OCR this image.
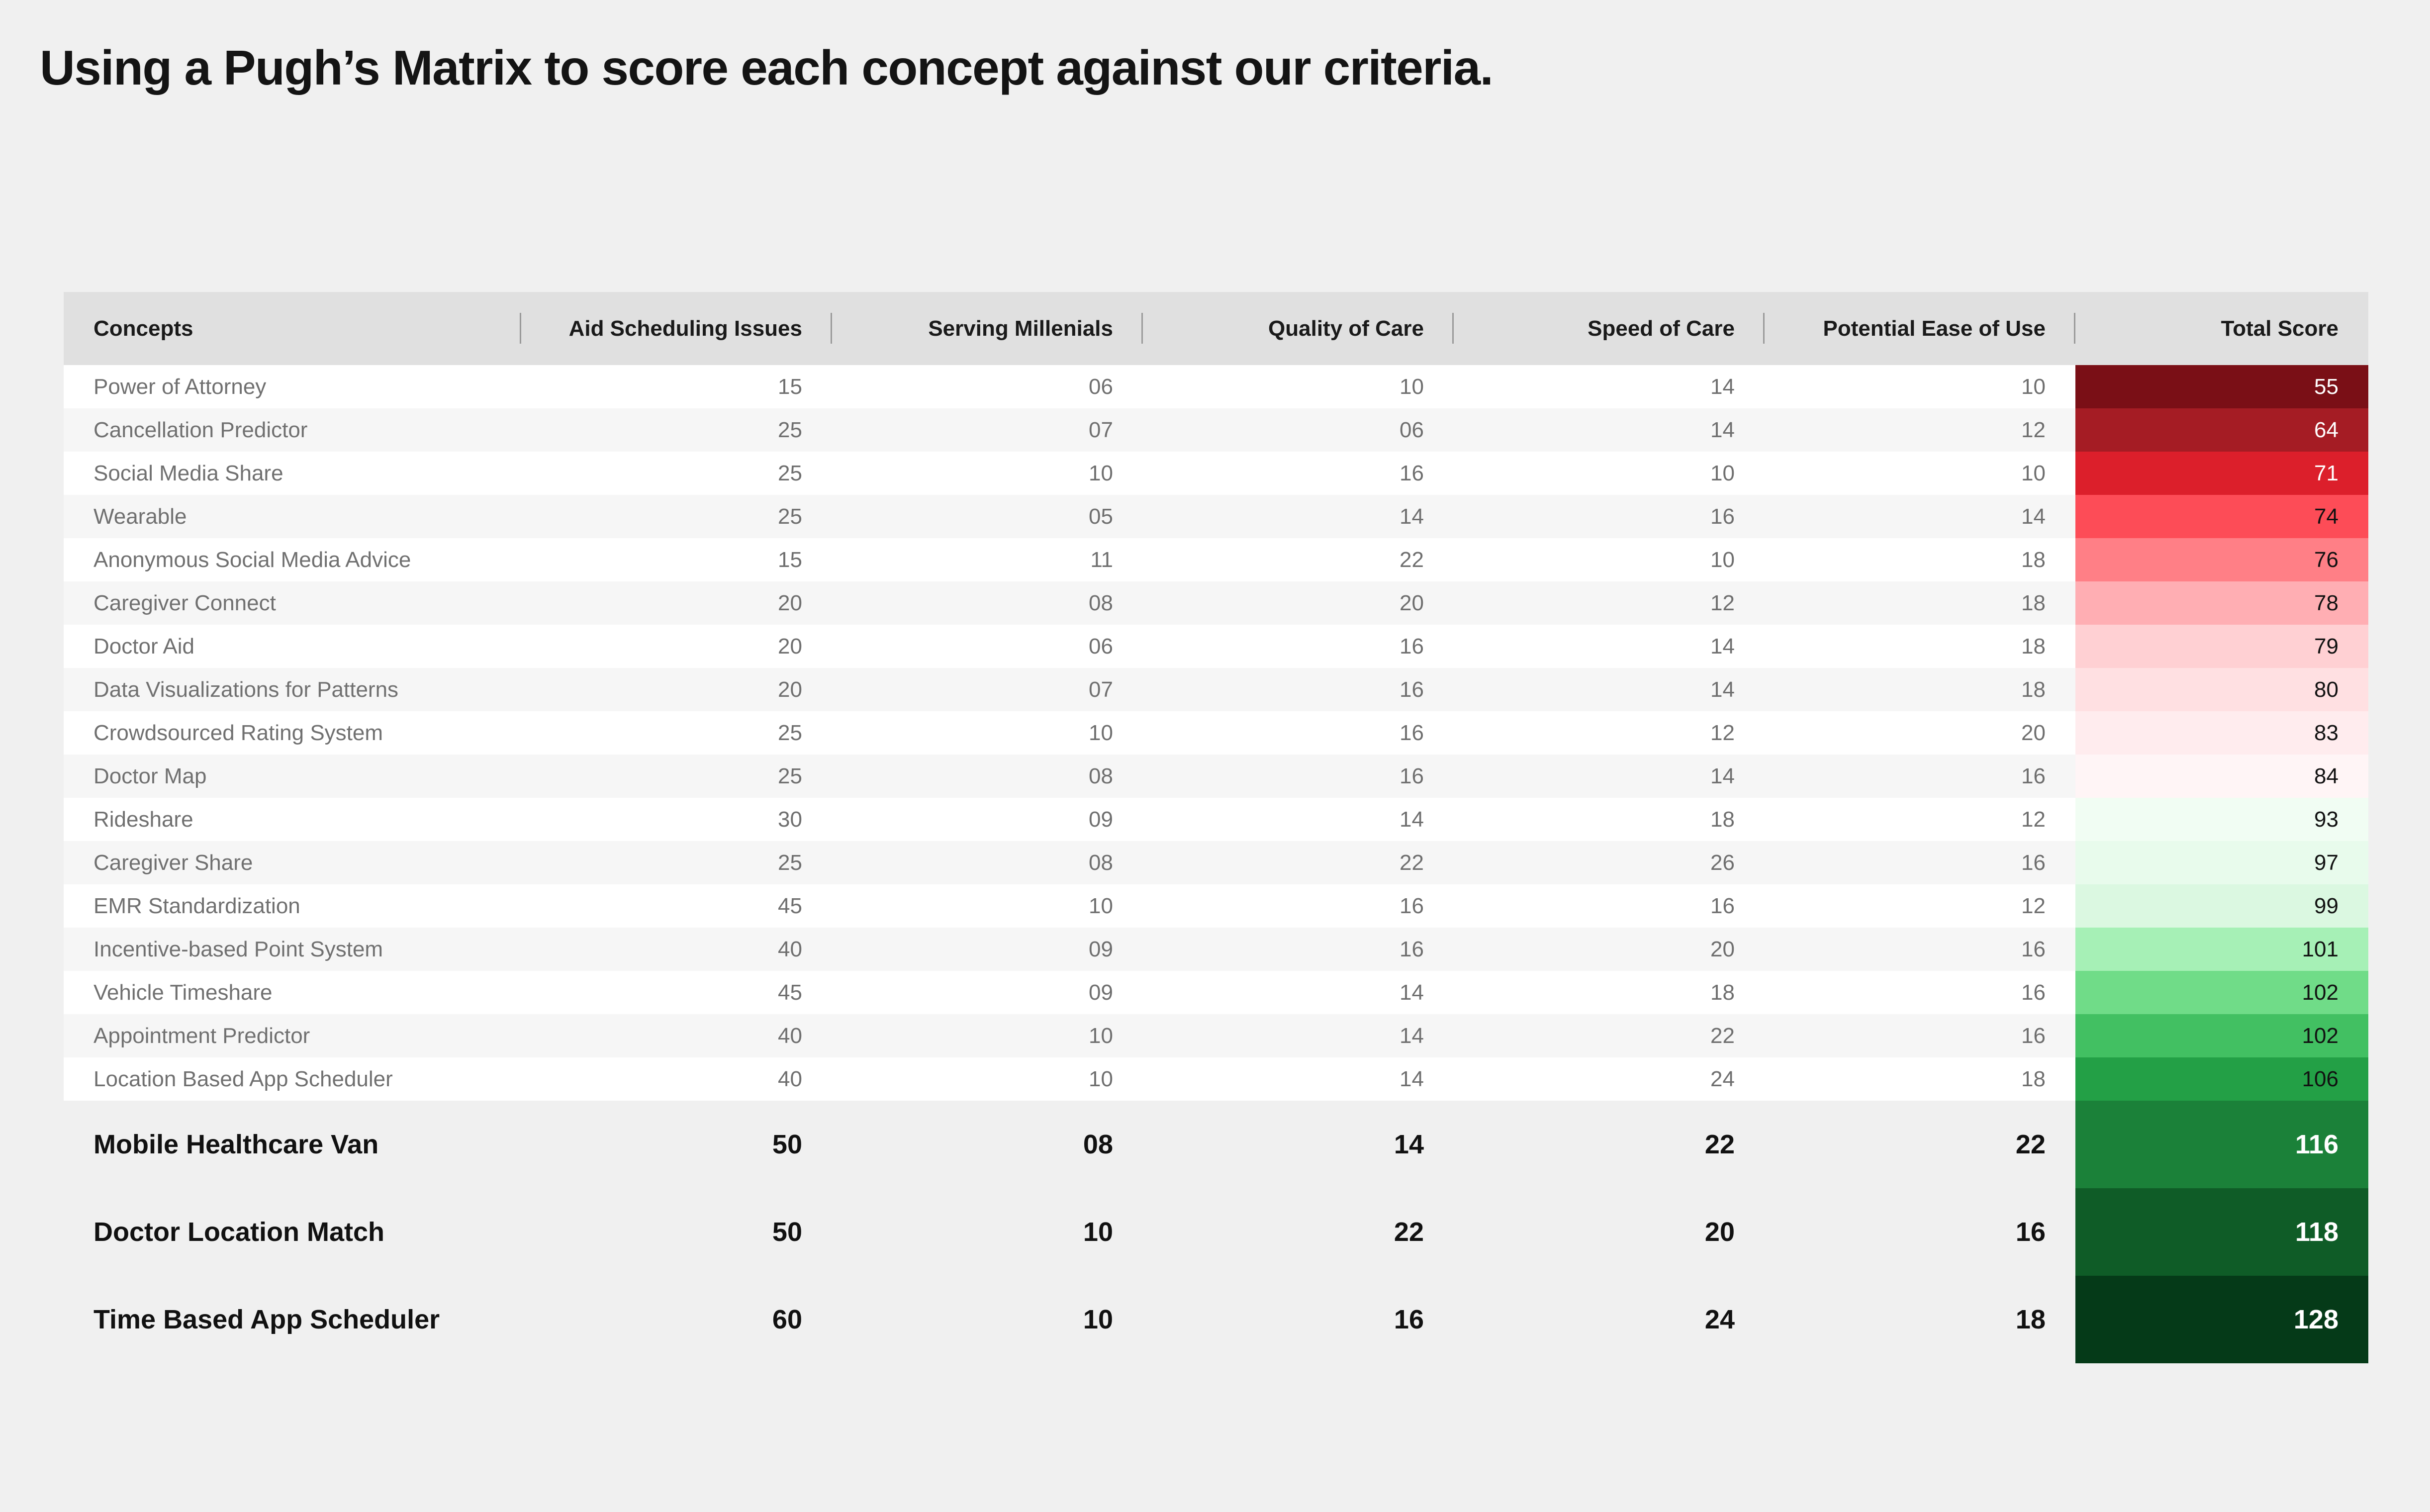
Using a Pugh’s Matrix to score each concept against our criteria.
Concepts	Aid Scheduling Issues	Serving Millenials	Quality of Care	Speed of Care	Potential Ease of Use	Total Score
Power of Attorney	15	06	10	14	10	55
Cancellation Predictor	25	07	06	14	12	64
Social Media Share	25	10	16	10	10	71
Wearable	25	05	14	16	14	74
Anonymous Social Media Advice	15	11	22	10	18	76
Caregiver Connect	20	08	20	12	18	78
Doctor Aid	20	06	16	14	18	79
Data Visualizations for Patterns	20	07	16	14	18	80
Crowdsourced Rating System	25	10	16	12	20	83
Doctor Map	25	08	16	14	16	84
Rideshare	30	09	14	18	12	93
Caregiver Share	25	08	22	26	16	97
EMR Standardization	45	10	16	16	12	99
Incentive-based Point System	40	09	16	20	16	101
Vehicle Timeshare	45	09	14	18	16	102
Appointment Predictor	40	10	14	22	16	102
Location Based App Scheduler	40	10	14	24	18	106
Mobile Healthcare Van	50	08	14	22	22	116
Doctor Location Match	50	10	22	20	16	118
Time Based App Scheduler	60	10	16	24	18	128
